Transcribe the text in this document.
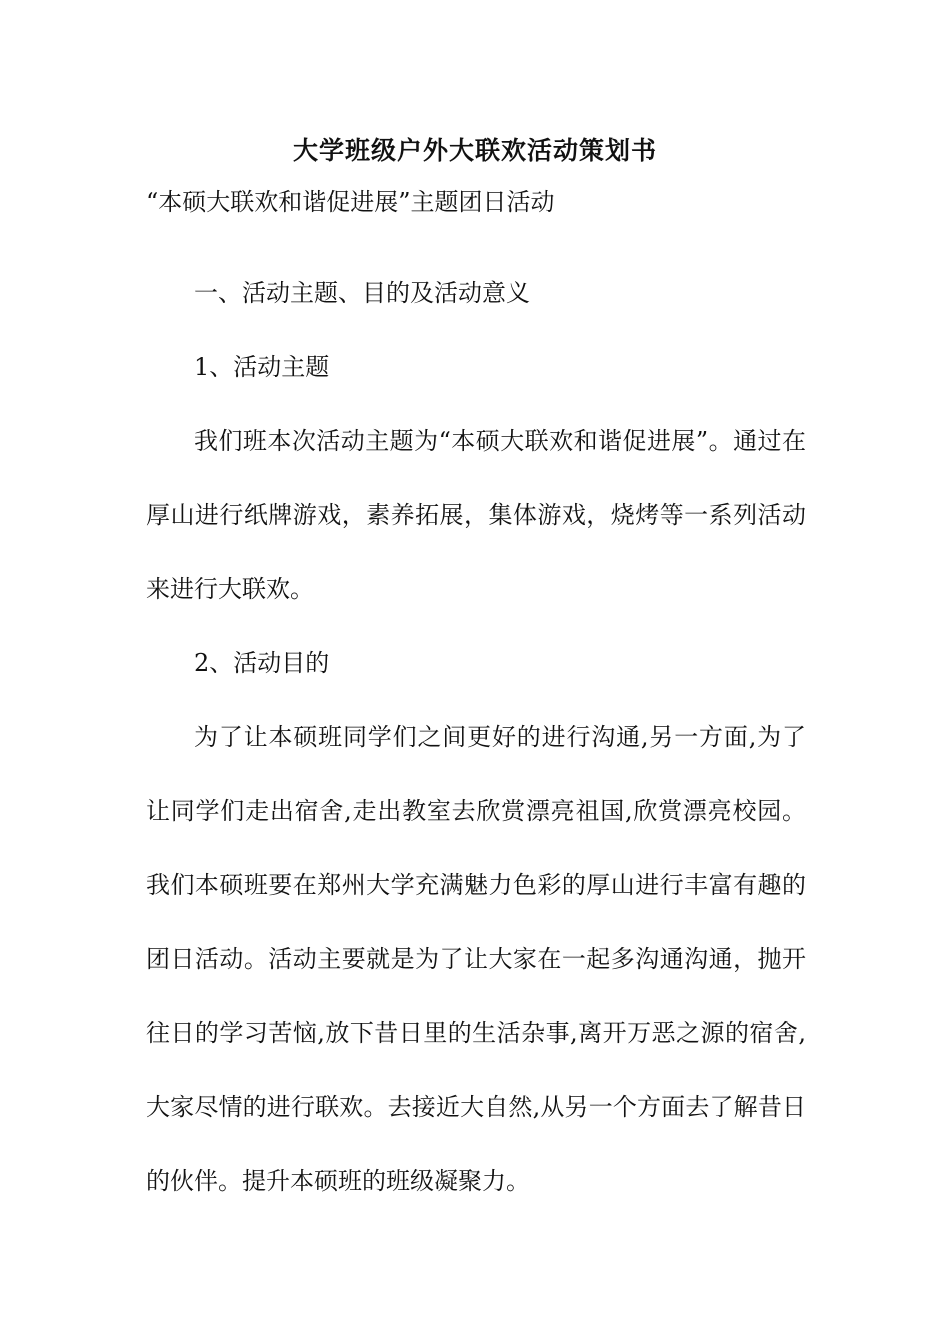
大学班级户外大联欢活动策划书
“本硕大联欢和谐促进展”主题团日活动

一、活动主题、目的及活动意义

1、活动主题

我们班本次活动主题为“本硕大联欢和谐促进展”。通过在厚山进行纸牌游戏，素养拓展，集体游戏，烧烤等一系列活动来进行大联欢。

2、活动目的

为了让本硕班同学们之间更好的进行沟通,另一方面,为了让同学们走出宿舍,走出教室去欣赏漂亮祖国,欣赏漂亮校园。我们本硕班要在郑州大学充满魅力色彩的厚山进行丰富有趣的团日活动。活动主要就是为了让大家在一起多沟通沟通，抛开往日的学习苦恼,放下昔日里的生活杂事,离开万恶之源的宿舍,大家尽情的进行联欢。去接近大自然,从另一个方面去了解昔日的伙伴。提升本硕班的班级凝聚力。
